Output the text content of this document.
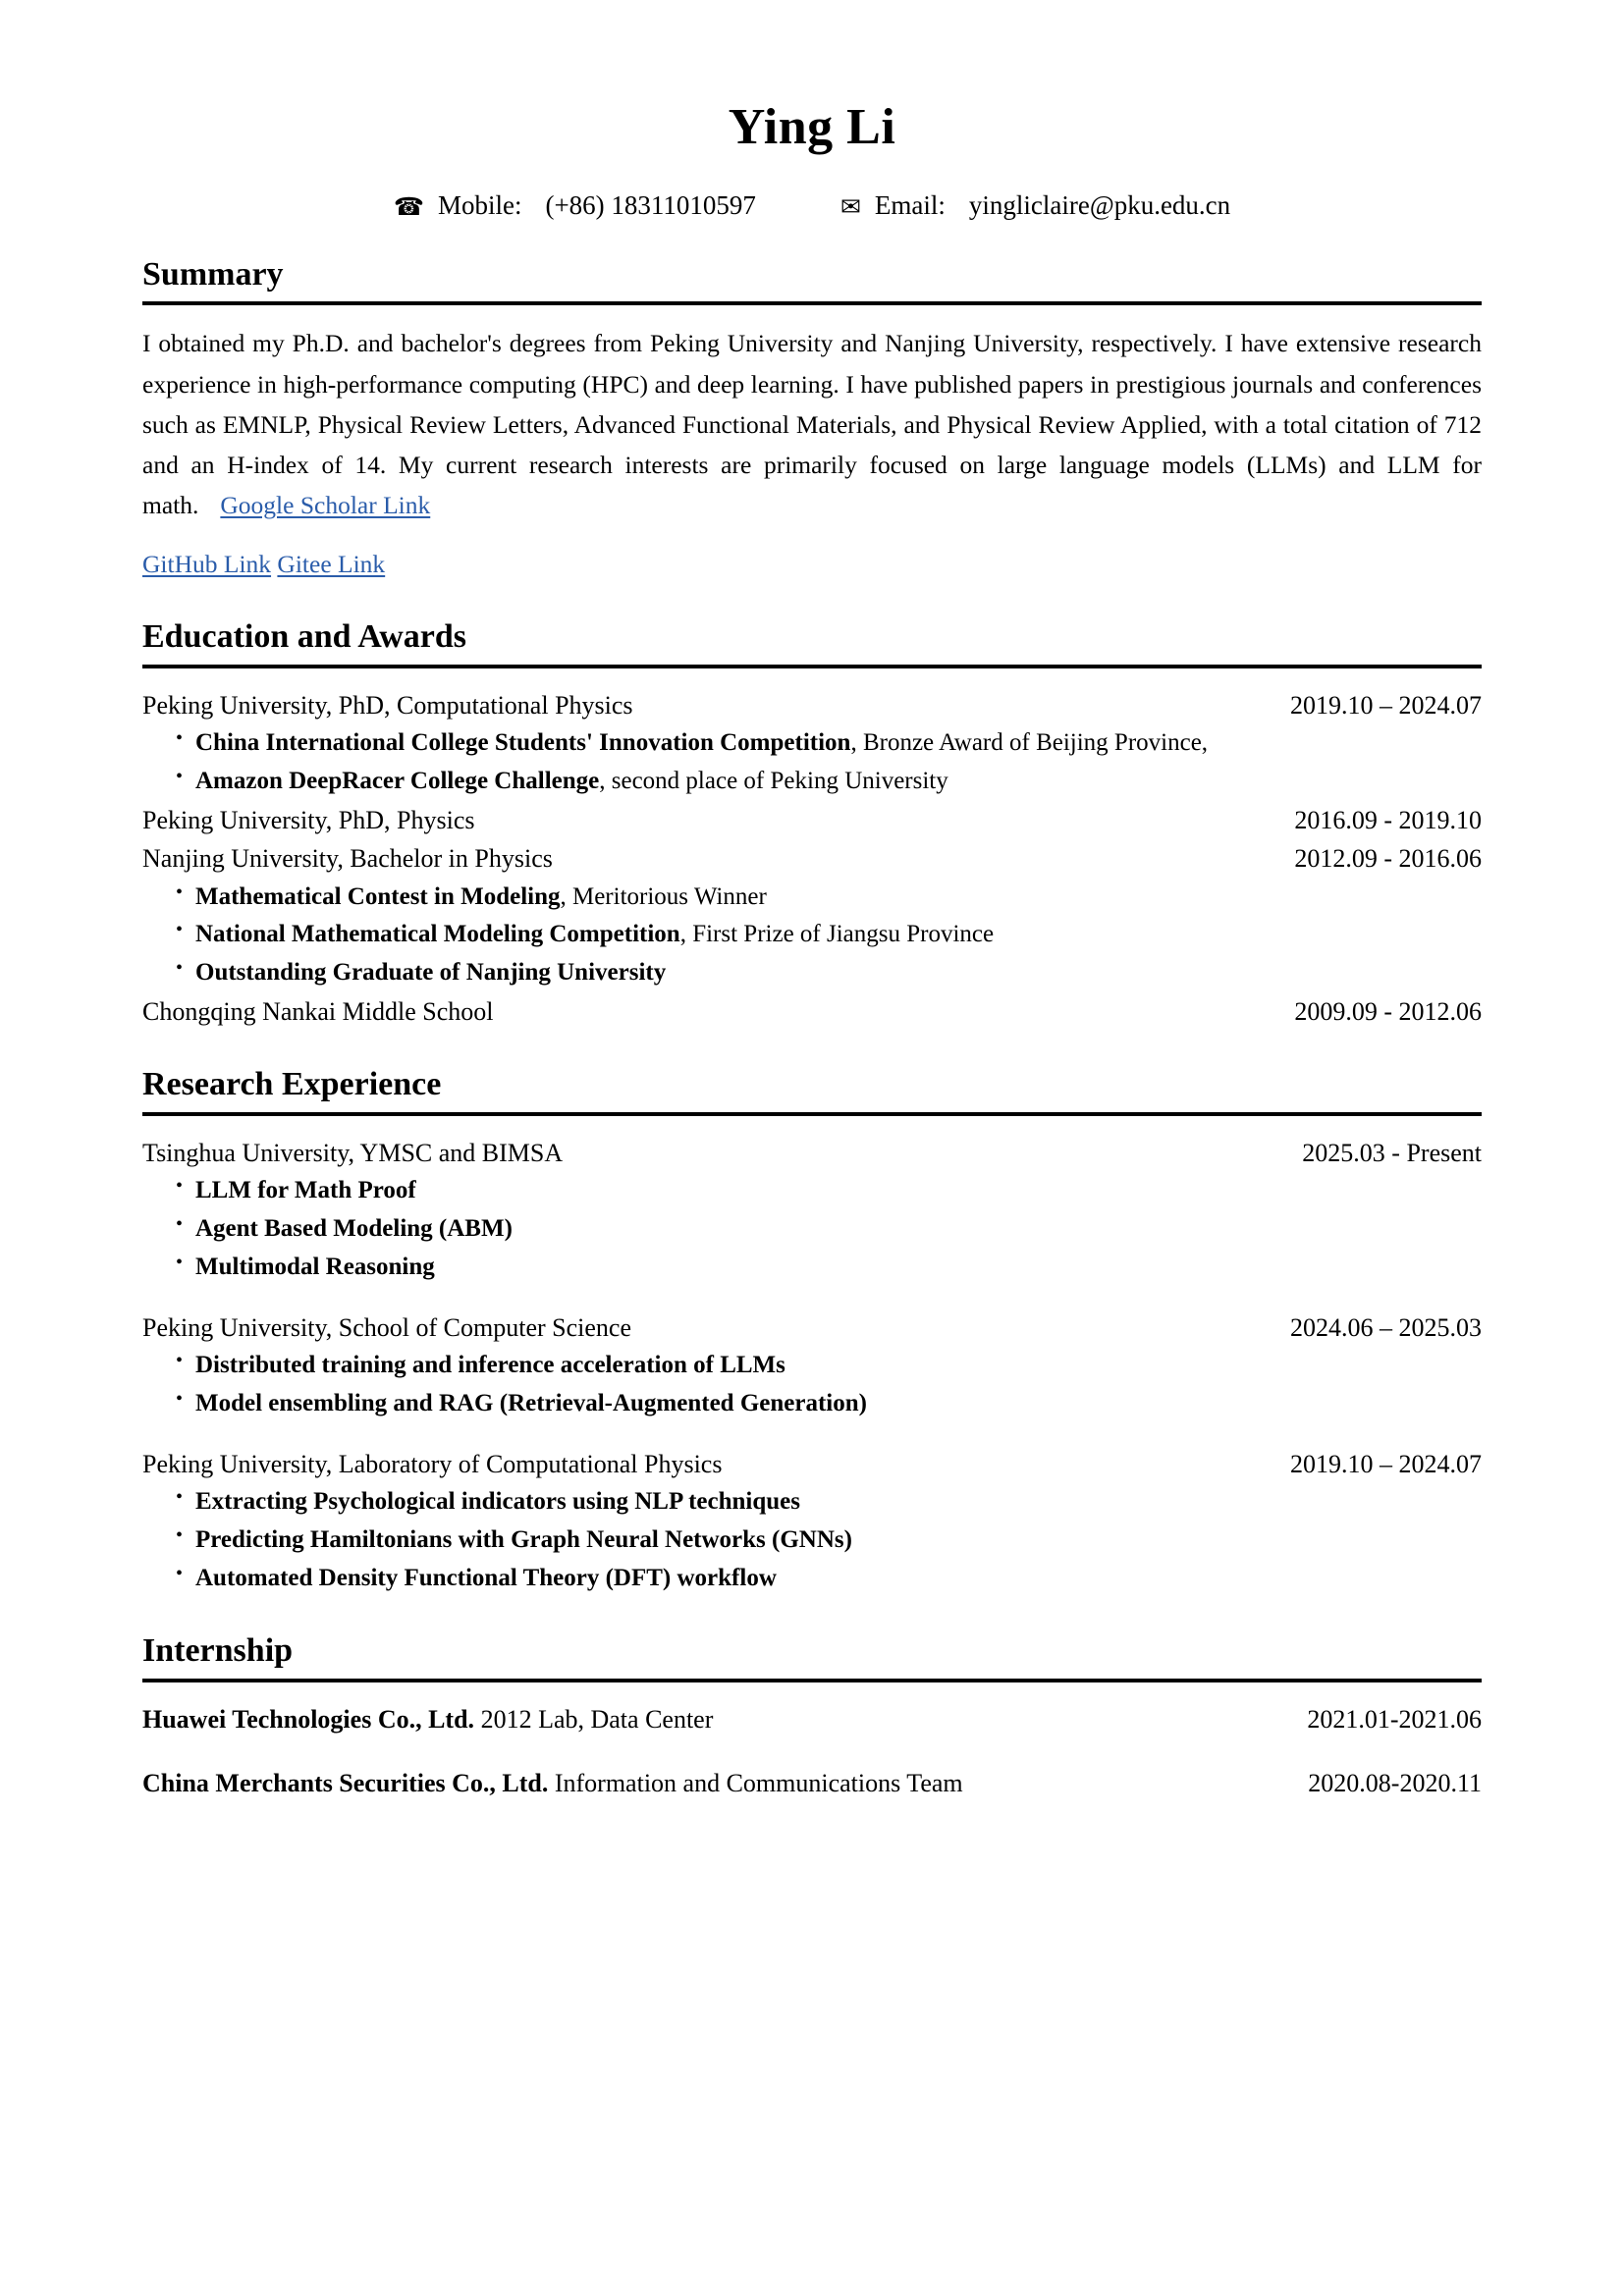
Ying Li
☎ Mobile: (+86) 18311010597	✉ Email: yingliclaire@pku.edu.cn
Summary

I obtained my Ph.D. and bachelor's degrees from Peking University and Nanjing University, respectively. I have extensive research experience in high-performance computing (HPC) and deep learning. I have published papers in prestigious journals and conferences such as EMNLP, Physical Review Letters, Advanced Functional Materials, and Physical Review Applied, with a total citation of 712 and an H-index of 14. My current research interests are primarily focused on large language models (LLMs) and LLM for math. Google Scholar Link

GitHub Link Gitee Link
Education and Awards
Peking University, PhD, Computational Physics	2019.10 – 2024.07
• China International College Students' Innovation Competition, Bronze Award of Beijing Province,
• Amazon DeepRacer College Challenge, second place of Peking University
Peking University, PhD, Physics	2016.09 - 2019.10
Nanjing University, Bachelor in Physics	2012.09 - 2016.06
• Mathematical Contest in Modeling, Meritorious Winner
• National Mathematical Modeling Competition, First Prize of Jiangsu Province
• Outstanding Graduate of Nanjing University
Chongqing Nankai Middle School	2009.09 - 2012.06
Research Experience
Tsinghua University, YMSC and BIMSA	2025.03 - Present
• LLM for Math Proof
• Agent Based Modeling (ABM)
• Multimodal Reasoning
Peking University, School of Computer Science	2024.06 – 2025.03
• Distributed training and inference acceleration of LLMs
• Model ensembling and RAG (Retrieval-Augmented Generation)
Peking University, Laboratory of Computational Physics	2019.10 – 2024.07
• Extracting Psychological indicators using NLP techniques
• Predicting Hamiltonians with Graph Neural Networks (GNNs)
• Automated Density Functional Theory (DFT) workflow
Internship
Huawei Technologies Co., Ltd. 2012 Lab, Data Center	2021.01-2021.06
China Merchants Securities Co., Ltd. Information and Communications Team	2020.08-2020.11
